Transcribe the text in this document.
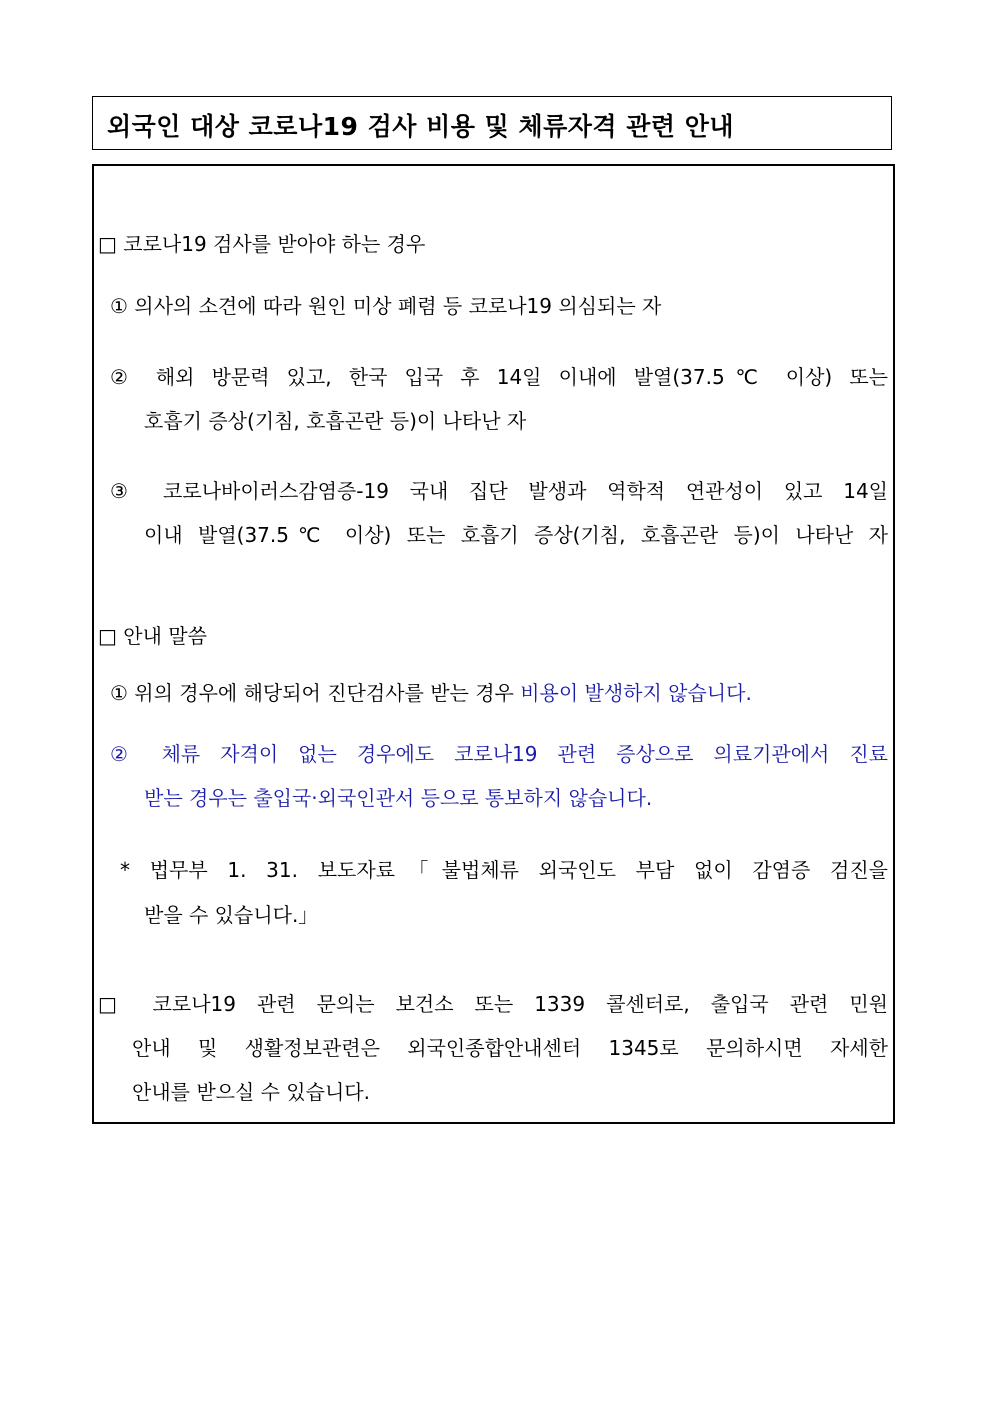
외국인 대상 코로나19 검사 비용 및 체류자격 관련 안내
□ 코로나19 검사를 받아야 하는 경우
① 의사의 소견에 따라 원인 미상 폐렴 등 코로나19 의심되는 자
② 해외 방문력 있고, 한국 입국 후 14일 이내에 발열(37.5℃ 이상) 또는
호흡기 증상(기침, 호흡곤란 등)이 나타난 자
③ 코로나바이러스감염증-19 국내 집단 발생과 역학적 연관성이 있고 14일
이내 발열(37.5℃ 이상) 또는 호흡기 증상(기침, 호흡곤란 등)이 나타난 자
□ 안내 말씀
① 위의 경우에 해당되어 진단검사를 받는 경우 비용이 발생하지 않습니다.
② 체류 자격이 없는 경우에도 코로나19 관련 증상으로 의료기관에서 진료
받는 경우는 출입국·외국인관서 등으로 통보하지 않습니다.
* 법무부 1. 31. 보도자료「불법체류 외국인도 부담 없이 감염증 검진을
받을 수 있습니다.」
□ 코로나19 관련 문의는 보건소 또는 1339 콜센터로, 출입국 관련 민원
안내 및 생활정보관련은 외국인종합안내센터 1345로 문의하시면 자세한
안내를 받으실 수 있습니다.
